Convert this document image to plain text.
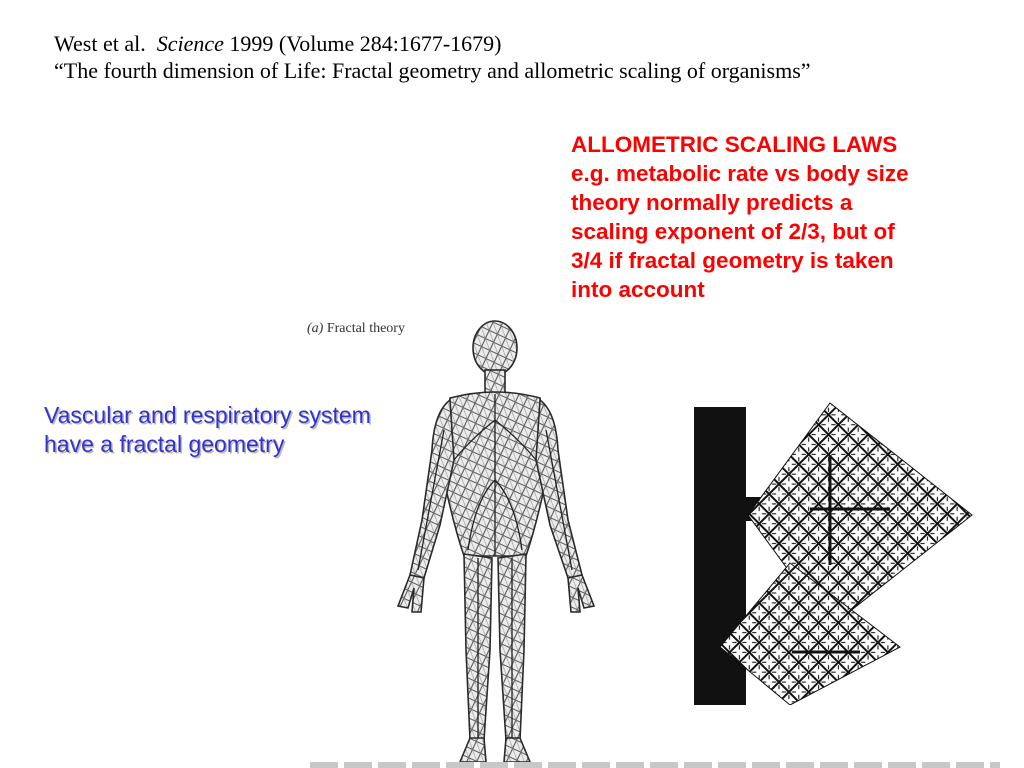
West et al. Science 1999 (Volume 284:1677-1679)
“The fourth dimension of Life: Fractal geometry and allometric scaling of organisms”
ALLOMETRIC SCALING LAWS
e.g. metabolic rate vs body size
theory normally predicts a
scaling exponent of 2/3, but of
3/4 if fractal geometry is taken
into account
Vascular and respiratory system have a fractal geometry
(a) Fractal theory
